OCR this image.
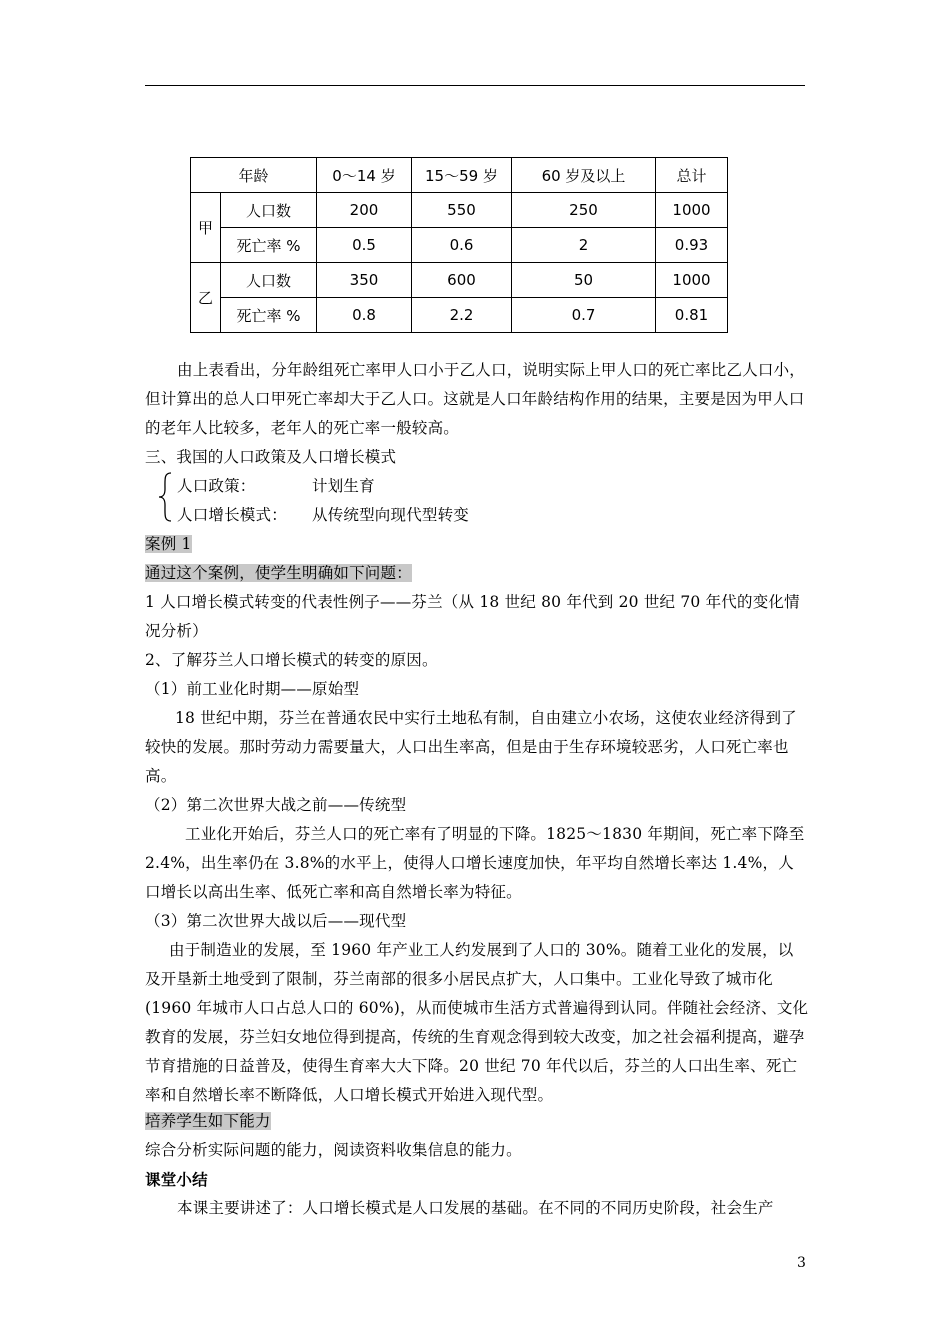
年龄		0～14 岁	15～59 岁	60 岁及以上	总计
甲	人口数	200	550	250	1000
	死亡率 %	0.5	0.6	2	0.93
乙	人口数	350	600	50	1000
	死亡率 %	0.8	2.2	0.7	0.81

由上表看出，分年龄组死亡率甲人口小于乙人口，说明实际上甲人口的死亡率比乙人口小，但计算出的总人口甲死亡率却大于乙人口。这就是人口年龄结构作用的结果，主要是因为甲人口的老年人比较多，老年人的死亡率一般较高。

三、我国的人口政策及人口增长模式

人口政策：	计划生育

人口增长模式：	从传统型向现代型转变

案例 1

通过这个案例，使学生明确如下问题：

1 人口增长模式转变的代表性例子——芬兰（从 18 世纪 80 年代到 20 世纪 70 年代的变化情况分析）

2、了解芬兰人口增长模式的转变的原因。

（1）前工业化时期——原始型

18 世纪中期，芬兰在普通农民中实行土地私有制，自由建立小农场，这使农业经济得到了较快的发展。那时劳动力需要量大，人口出生率高，但是由于生存环境较恶劣，人口死亡率也高。

（2）第二次世界大战之前——传统型

工业化开始后，芬兰人口的死亡率有了明显的下降。1825～1830 年期间，死亡率下降至 2.4%，出生率仍在 3.8%的水平上，使得人口增长速度加快，年平均自然增长率达 1.4%，人口增长以高出生率、低死亡率和高自然增长率为特征。

（3）第二次世界大战以后——现代型

由于制造业的发展，至 1960 年产业工人约发展到了人口的 30%。随着工业化的发展，以及开垦新土地受到了限制，芬兰南部的很多小居民点扩大，人口集中。工业化导致了城市化(1960 年城市人口占总人口的 60%)，从而使城市生活方式普遍得到认同。伴随社会经济、文化教育的发展，芬兰妇女地位得到提高，传统的生育观念得到较大改变，加之社会福利提高，避孕节育措施的日益普及，使得生育率大大下降。20 世纪 70 年代以后，芬兰的人口出生率、死亡率和自然增长率不断降低，人口增长模式开始进入现代型。

培养学生如下能力

综合分析实际问题的能力，阅读资料收集信息的能力。

课堂小结

本课主要讲述了：人口增长模式是人口发展的基础。在不同的不同历史阶段，社会生产

3
